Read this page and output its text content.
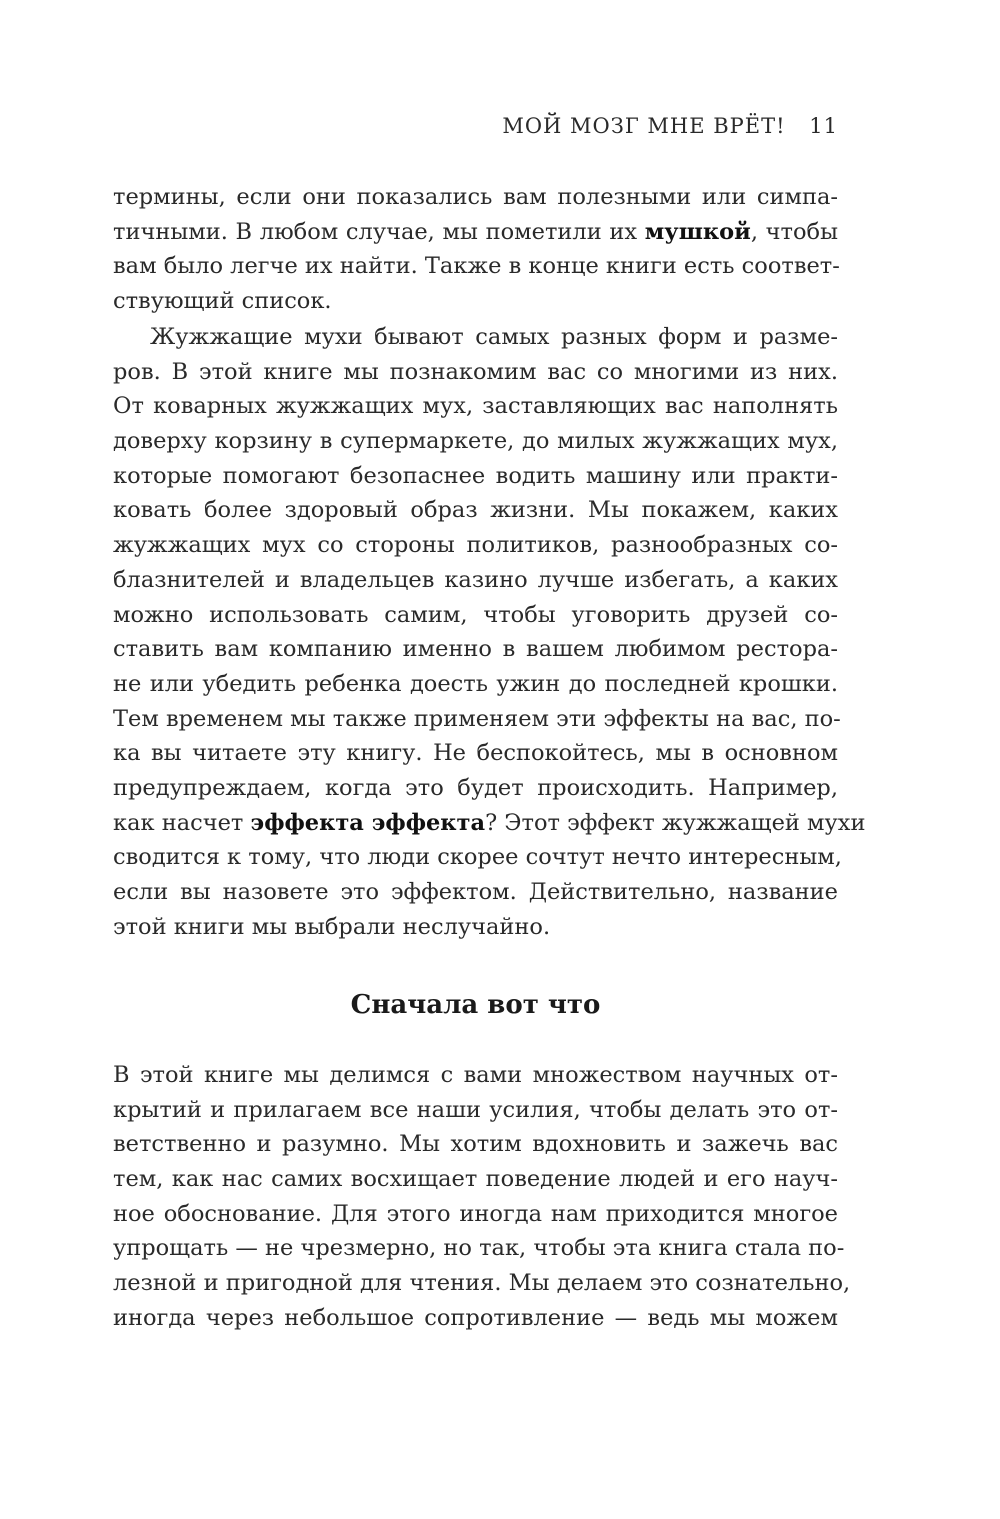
МОЙ МОЗГ МНЕ ВРЁТ! 11
термины, если они показались вам полезными или симпа-
тичными. В любом случае, мы пометили их мушкой, чтобы
вам было легче их найти. Также в конце книги есть соответ-
ствующий список.
Жужжащие мухи бывают самых разных форм и разме-
ров. В этой книге мы познакомим вас со многими из них.
От коварных жужжащих мух, заставляющих вас наполнять
доверху корзину в супермаркете, до милых жужжащих мух,
которые помогают безопаснее водить машину или практи-
ковать более здоровый образ жизни. Мы покажем, каких
жужжащих мух со стороны политиков, разнообразных со-
блазнителей и владельцев казино лучше избегать, а каких
можно использовать самим, чтобы уговорить друзей со-
ставить вам компанию именно в вашем любимом рестора-
не или убедить ребенка доесть ужин до последней крошки.
Тем временем мы также применяем эти эффекты на вас, по-
ка вы читаете эту книгу. Не беспокойтесь, мы в основном
предупреждаем, когда это будет происходить. Например,
как насчет эффекта эффекта? Этот эффект жужжащей мухи
сводится к тому, что люди скорее сочтут нечто интересным,
если вы назовете это эффектом. Действительно, название
этой книги мы выбрали неслучайно.
Сначала вот что
В этой книге мы делимся с вами множеством научных от-
крытий и прилагаем все наши усилия, чтобы делать это от-
ветственно и разумно. Мы хотим вдохновить и зажечь вас
тем, как нас самих восхищает поведение людей и его науч-
ное обоснование. Для этого иногда нам приходится многое
упрощать — не чрезмерно, но так, чтобы эта книга стала по-
лезной и пригодной для чтения. Мы делаем это сознательно,
иногда через небольшое сопротивление — ведь мы можем
